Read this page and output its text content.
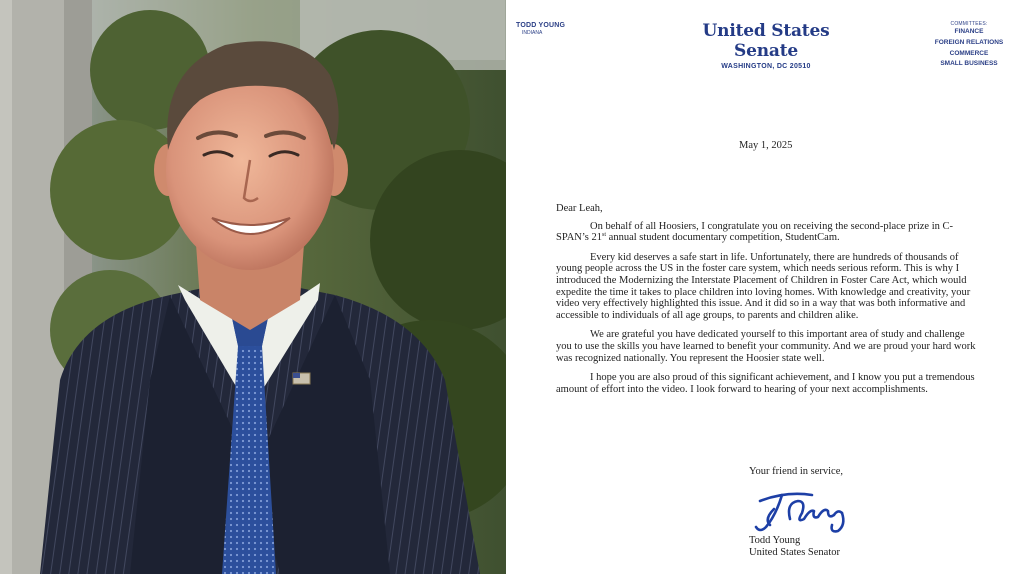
TODD YOUNG
INDIANA	United States Senate
WASHINGTON, DC 20510
COMMITTEES:
FINANCE
FOREIGN RELATIONS
COMMERCE
SMALL BUSINESS
May 1, 2025

Dear Leah,

On behalf of all Hoosiers, I congratulate you on receiving the second-place prize in C-SPAN’s 21st annual student documentary competition, StudentCam.

Every kid deserves a safe start in life. Unfortunately, there are hundreds of thousands of young people across the US in the foster care system, which needs serious reform. This is why I introduced the Modernizing the Interstate Placement of Children in Foster Care Act, which would expedite the time it takes to place children into loving homes. With knowledge and creativity, your video very effectively highlighted this issue. And it did so in a way that was both informative and accessible to individuals of all age groups, to parents and children alike.

We are grateful you have dedicated yourself to this important area of study and challenge you to use the skills you have learned to benefit your community. And we are proud your hard work was recognized nationally. You represent the Hoosier state well.

I hope you are also proud of this significant achievement, and I know you put a tremendous amount of effort into the video. I look forward to hearing of your next accomplishments.

Your friend in service,
Todd Young
United States Senator
